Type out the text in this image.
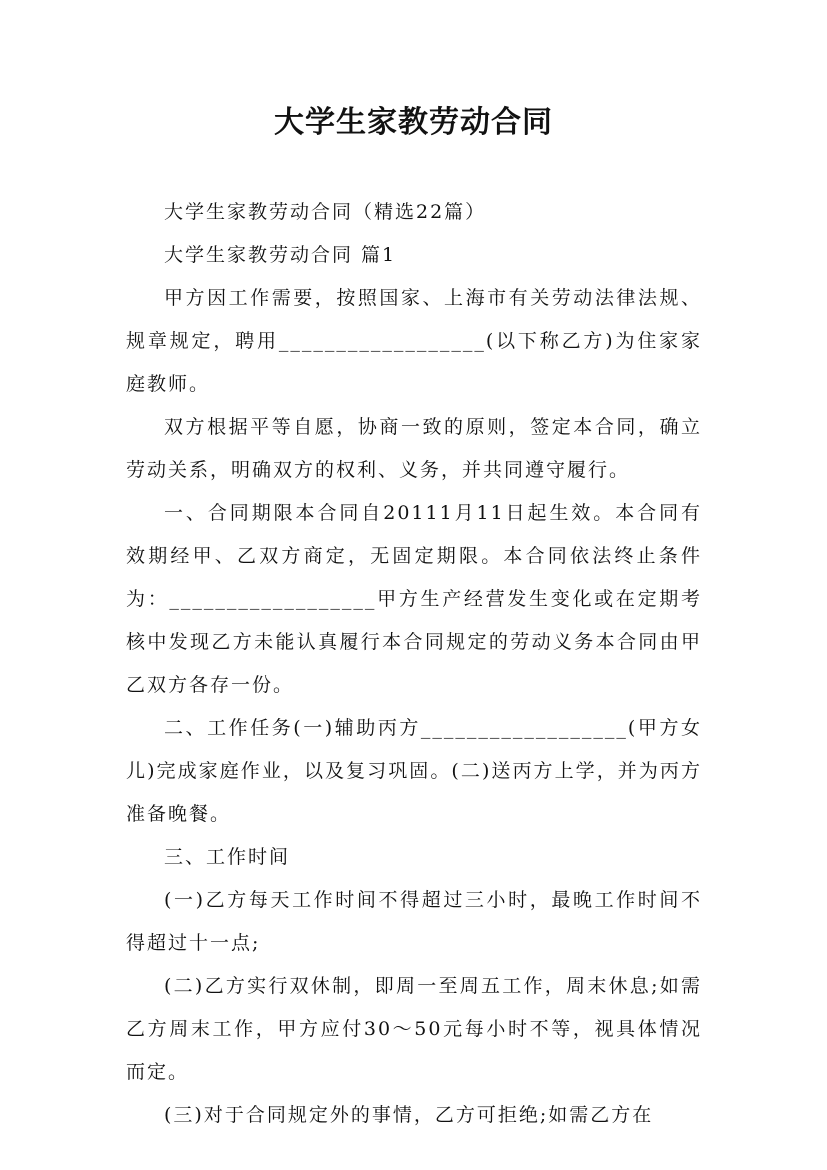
大学生家教劳动合同

大学生家教劳动合同（精选22篇）

大学生家教劳动合同 篇1

甲方因工作需要，按照国家、上海市有关劳动法律法规、规章规定，聘用__________________(以下称乙方)为住家家庭教师。

双方根据平等自愿，协商一致的原则，签定本合同，确立劳动关系，明确双方的权利、义务，并共同遵守履行。

一、合同期限本合同自20111月11日起生效。本合同有效期经甲、乙双方商定，无固定期限。本合同依法终止条件为：__________________甲方生产经营发生变化或在定期考核中发现乙方未能认真履行本合同规定的劳动义务本合同由甲乙双方各存一份。

二、工作任务(一)辅助丙方__________________(甲方女儿)完成家庭作业，以及复习巩固。(二)送丙方上学，并为丙方准备晚餐。

三、工作时间

(一)乙方每天工作时间不得超过三小时，最晚工作时间不得超过十一点;

(二)乙方实行双休制，即周一至周五工作，周末休息;如需乙方周末工作，甲方应付30～50元每小时不等，视具体情况而定。

(三)对于合同规定外的事情，乙方可拒绝;如需乙方在
